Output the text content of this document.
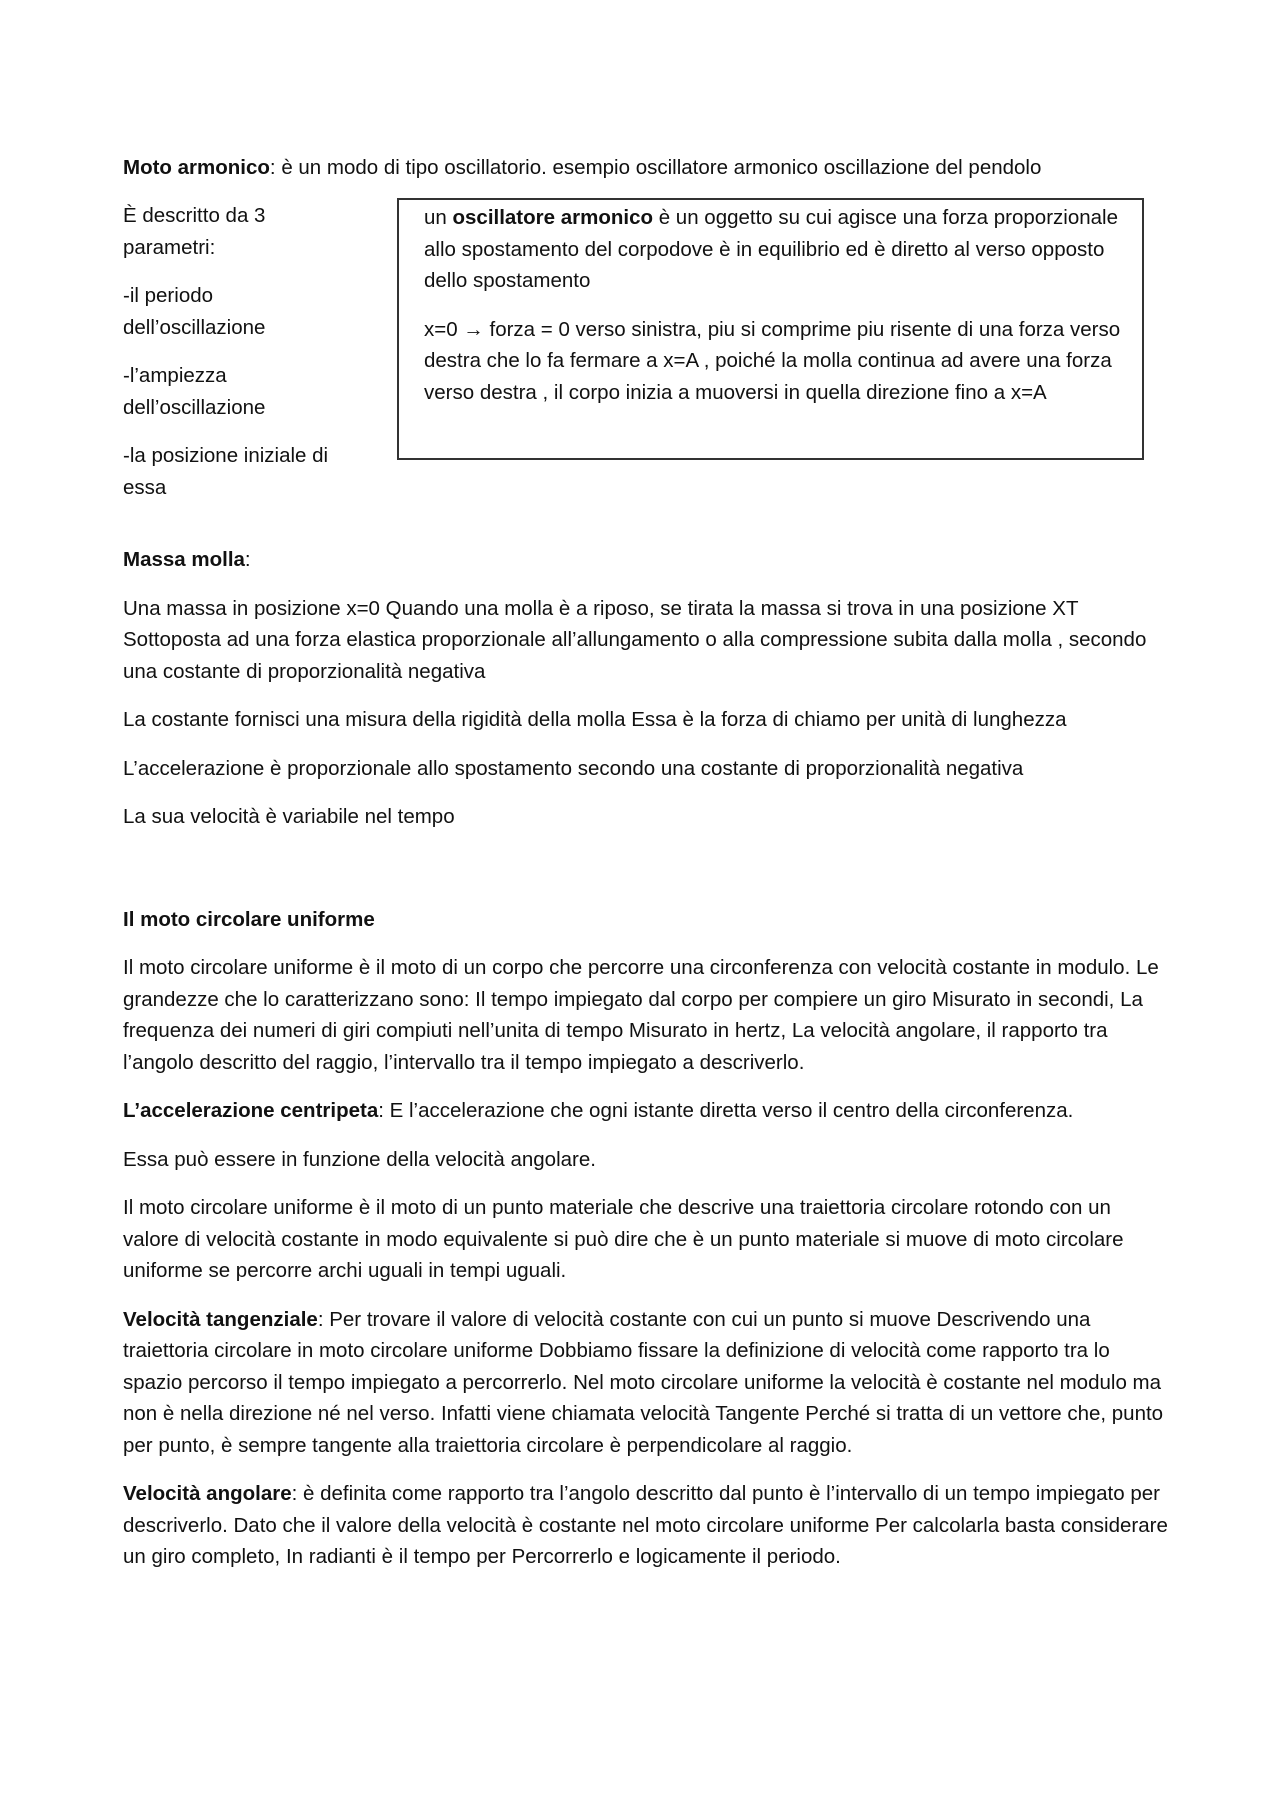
Moto armonico: è un modo di tipo oscillatorio. esempio oscillatore armonico oscillazione del pendolo

È descritto da 3 parametri:

-il periodo dell’oscillazione

-l’ampiezza dell’oscillazione

-la posizione iniziale di essa

un oscillatore armonico è un oggetto su cui agisce una forza proporzionale allo spostamento del corpodove è in equilibrio ed è diretto al verso opposto dello spostamento

x=0 → forza = 0 verso sinistra, piu si comprime piu risente di una forza verso destra che lo fa fermare a x=A , poiché la molla continua ad avere una forza verso destra , il corpo inizia a muoversi in quella direzione fino a x=A

Massa molla:

Una massa in posizione x=0 Quando una molla è a riposo, se tirata la massa si trova in una posizione XT Sottoposta ad una forza elastica proporzionale all’allungamento o alla compressione subita dalla molla , secondo una costante di proporzionalità negativa

La costante fornisci una misura della rigidità della molla Essa è la forza di chiamo per unità di lunghezza

L’accelerazione è proporzionale allo spostamento secondo una costante di proporzionalità negativa

La sua velocità è variabile nel tempo

Il moto circolare uniforme

Il moto circolare uniforme è il moto di un corpo che percorre una circonferenza con velocità costante in modulo. Le grandezze che lo caratterizzano sono: Il tempo impiegato dal corpo per compiere un giro Misurato in secondi, La frequenza dei numeri di giri compiuti nell’unita di tempo Misurato in hertz, La velocità angolare, il rapporto tra l’angolo descritto del raggio, l’intervallo tra il tempo impiegato a descriverlo.

L’accelerazione centripeta: E l’accelerazione che ogni istante diretta verso il centro della circonferenza.

Essa può essere in funzione della velocità angolare.

Il moto circolare uniforme è il moto di un punto materiale che descrive una traiettoria circolare rotondo con un valore di velocità costante in modo equivalente si può dire che è un punto materiale si muove di moto circolare uniforme se percorre archi uguali in tempi uguali.

Velocità tangenziale: Per trovare il valore di velocità costante con cui un punto si muove Descrivendo una traiettoria circolare in moto circolare uniforme Dobbiamo fissare la definizione di velocità come rapporto tra lo spazio percorso il tempo impiegato a percorrerlo. Nel moto circolare uniforme la velocità è costante nel modulo ma non è nella direzione né nel verso. Infatti viene chiamata velocità Tangente Perché si tratta di un vettore che, punto per punto, è sempre tangente alla traiettoria circolare è perpendicolare al raggio.

Velocità angolare: è definita come rapporto tra l’angolo descritto dal punto è l’intervallo di un tempo impiegato per descriverlo. Dato che il valore della velocità è costante nel moto circolare uniforme Per calcolarla basta considerare un giro completo, In radianti è il tempo per Percorrerlo e logicamente il periodo.
